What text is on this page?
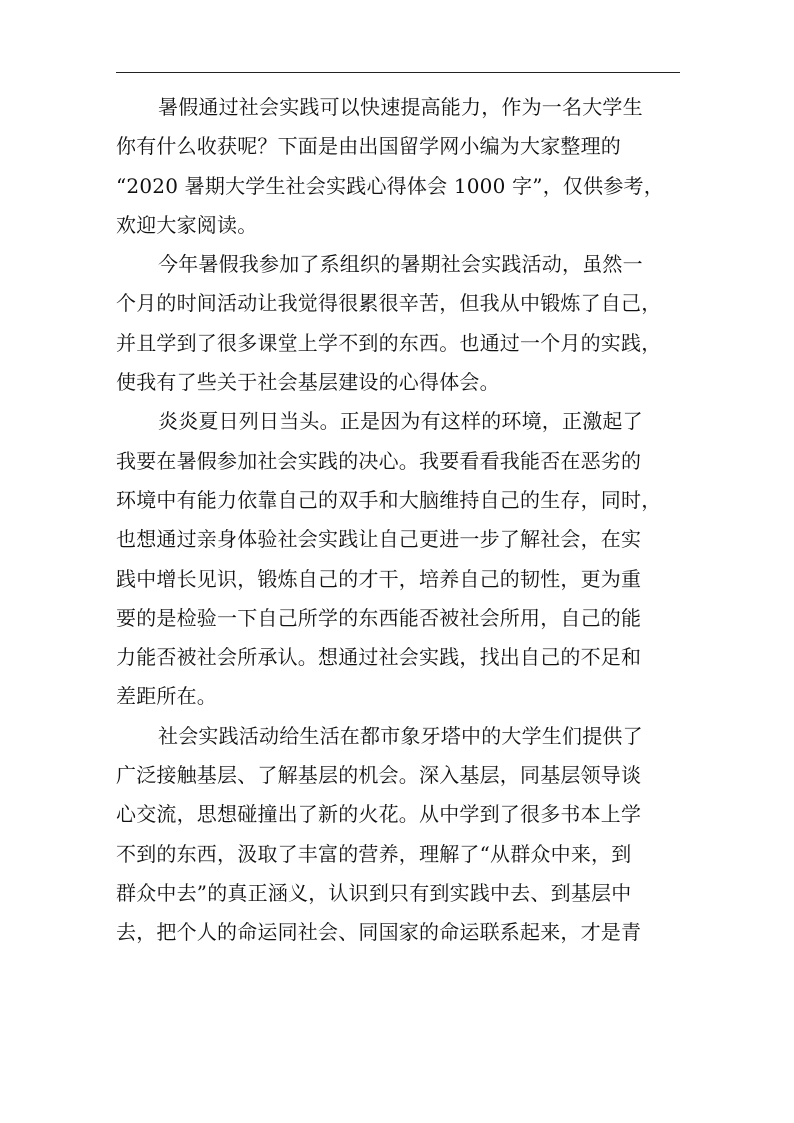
暑假通过社会实践可以快速提高能力，作为一名大学生
你有什么收获呢？下面是由出国留学网小编为大家整理的
“2020 暑期大学生社会实践心得体会 1000 字”，仅供参考，
欢迎大家阅读。
今年暑假我参加了系组织的暑期社会实践活动，虽然一
个月的时间活动让我觉得很累很辛苦，但我从中锻炼了自己，
并且学到了很多课堂上学不到的东西。也通过一个月的实践，
使我有了些关于社会基层建设的心得体会。
炎炎夏日列日当头。正是因为有这样的环境，正激起了
我要在暑假参加社会实践的决心。我要看看我能否在恶劣的
环境中有能力依靠自己的双手和大脑维持自己的生存，同时，
也想通过亲身体验社会实践让自己更进一步了解社会，在实
践中增长见识，锻炼自己的才干，培养自己的韧性，更为重
要的是检验一下自己所学的东西能否被社会所用，自己的能
力能否被社会所承认。想通过社会实践，找出自己的不足和
差距所在。
社会实践活动给生活在都市象牙塔中的大学生们提供了
广泛接触基层、了解基层的机会。深入基层，同基层领导谈
心交流，思想碰撞出了新的火花。从中学到了很多书本上学
不到的东西，汲取了丰富的营养，理解了“从群众中来，到
群众中去”的真正涵义，认识到只有到实践中去、到基层中
去，把个人的命运同社会、同国家的命运联系起来，才是青
